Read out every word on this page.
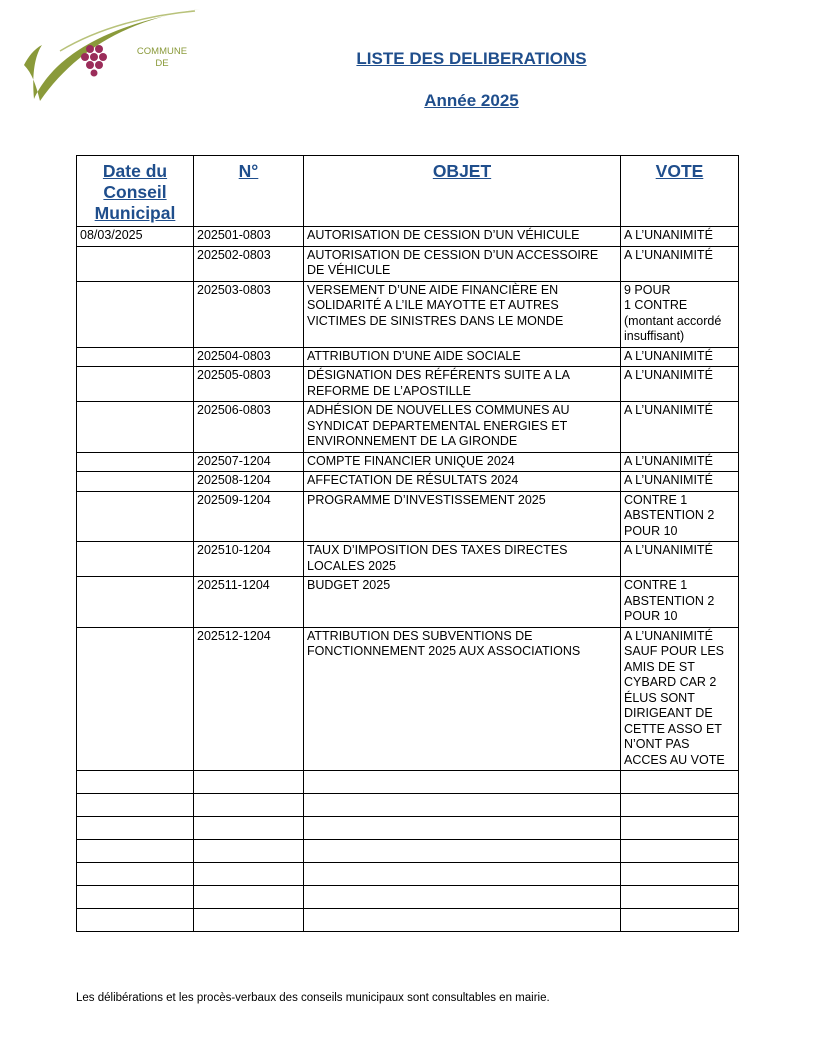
COMMUNE
DE	LISTE DES DELIBERATIONS
Année 2025
Date du Conseil Municipal	N°	OBJET	VOTE
08/03/2025	202501-0803	AUTORISATION DE CESSION D’UN VÉHICULE	A L’UNANIMITÉ
	202502-0803	AUTORISATION DE CESSION D’UN ACCESSOIRE DE VÉHICULE	A L’UNANIMITÉ
	202503-0803	VERSEMENT D’UNE AIDE FINANCIÈRE EN SOLIDARITÉ A L’ILE MAYOTTE ET AUTRES VICTIMES DE SINISTRES DANS LE MONDE	9 POUR
1 CONTRE
(montant accordé insuffisant)
	202504-0803	ATTRIBUTION D’UNE AIDE SOCIALE	A L’UNANIMITÉ
	202505-0803	DÉSIGNATION DES RÉFÉRENTS SUITE A LA REFORME DE L’APOSTILLE	A L’UNANIMITÉ
	202506-0803	ADHÉSION DE NOUVELLES COMMUNES AU SYNDICAT DEPARTEMENTAL ENERGIES ET ENVIRONNEMENT DE LA GIRONDE	A L’UNANIMITÉ
	202507-1204	COMPTE FINANCIER UNIQUE 2024	A L’UNANIMITÉ
	202508-1204	AFFECTATION DE RÉSULTATS 2024	A L’UNANIMITÉ
	202509-1204	PROGRAMME D’INVESTISSEMENT 2025	CONTRE 1
ABSTENTION 2
POUR 10
	202510-1204	TAUX D’IMPOSITION DES TAXES DIRECTES LOCALES 2025	A L’UNANIMITÉ
	202511-1204	BUDGET 2025	CONTRE 1
ABSTENTION 2
POUR 10
	202512-1204	ATTRIBUTION DES SUBVENTIONS DE FONCTIONNEMENT 2025 AUX ASSOCIATIONS	A L’UNANIMITÉ SAUF POUR LES AMIS DE ST CYBARD CAR 2 ÉLUS SONT DIRIGEANT DE CETTE ASSO ET N’ONT PAS ACCES AU VOTE

Les délibérations et les procès-verbaux des conseils municipaux sont consultables en mairie.
